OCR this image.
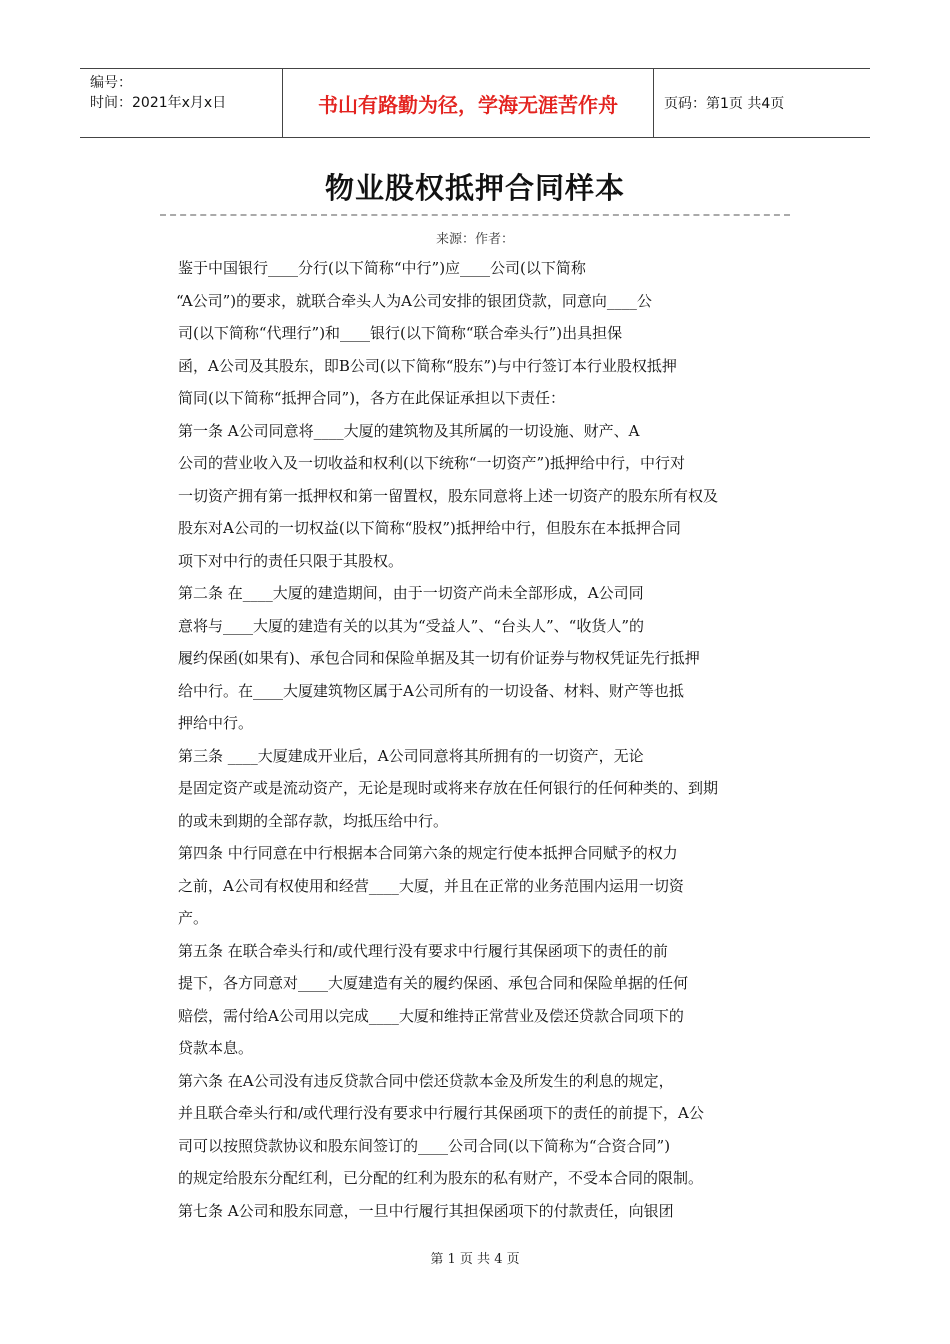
编号：
时间：2021年x月x日	书山有路勤为径，学海无涯苦作舟	页码：第1页 共4页
物业股权抵押合同样本
来源：作者：
鉴于中国银行____分行(以下简称“中行”)应____公司(以下简称
“A公司”)的要求，就联合牵头人为A公司安排的银团贷款，同意向____公
司(以下简称“代理行”)和____银行(以下简称“联合牵头行”)出具担保
函，A公司及其股东，即B公司(以下简称“股东”)与中行签订本行业股权抵押
简同(以下简称“抵押合同”)，各方在此保证承担以下责任：
第一条 A公司同意将____大厦的建筑物及其所属的一切设施、财产、A
公司的营业收入及一切收益和权利(以下统称“一切资产”)抵押给中行，中行对
一切资产拥有第一抵押权和第一留置权，股东同意将上述一切资产的股东所有权及
股东对A公司的一切权益(以下简称“股权”)抵押给中行，但股东在本抵押合同
项下对中行的责任只限于其股权。
第二条 在____大厦的建造期间，由于一切资产尚未全部形成，A公司同
意将与____大厦的建造有关的以其为“受益人”、“台头人”、“收货人”的
履约保函(如果有)、承包合同和保险单据及其一切有价证券与物权凭证先行抵押
给中行。在____大厦建筑物区属于A公司所有的一切设备、材料、财产等也抵
押给中行。
第三条 ____大厦建成开业后，A公司同意将其所拥有的一切资产，无论
是固定资产或是流动资产，无论是现时或将来存放在任何银行的任何种类的、到期
的或未到期的全部存款，均抵压给中行。
第四条 中行同意在中行根据本合同第六条的规定行使本抵押合同赋予的权力
之前，A公司有权使用和经营____大厦，并且在正常的业务范围内运用一切资
产。
第五条 在联合牵头行和/或代理行没有要求中行履行其保函项下的责任的前
提下，各方同意对____大厦建造有关的履约保函、承包合同和保险单据的任何
赔偿，需付给A公司用以完成____大厦和维持正常营业及偿还贷款合同项下的
贷款本息。
第六条 在A公司没有违反贷款合同中偿还贷款本金及所发生的利息的规定，
并且联合牵头行和/或代理行没有要求中行履行其保函项下的责任的前提下，A公
司可以按照贷款协议和股东间签订的____公司合同(以下简称为“合资合同”)
的规定给股东分配红利，已分配的红利为股东的私有财产，不受本合同的限制。
第七条 A公司和股东同意，一旦中行履行其担保函项下的付款责任，向银团
第 1 页 共 4 页
